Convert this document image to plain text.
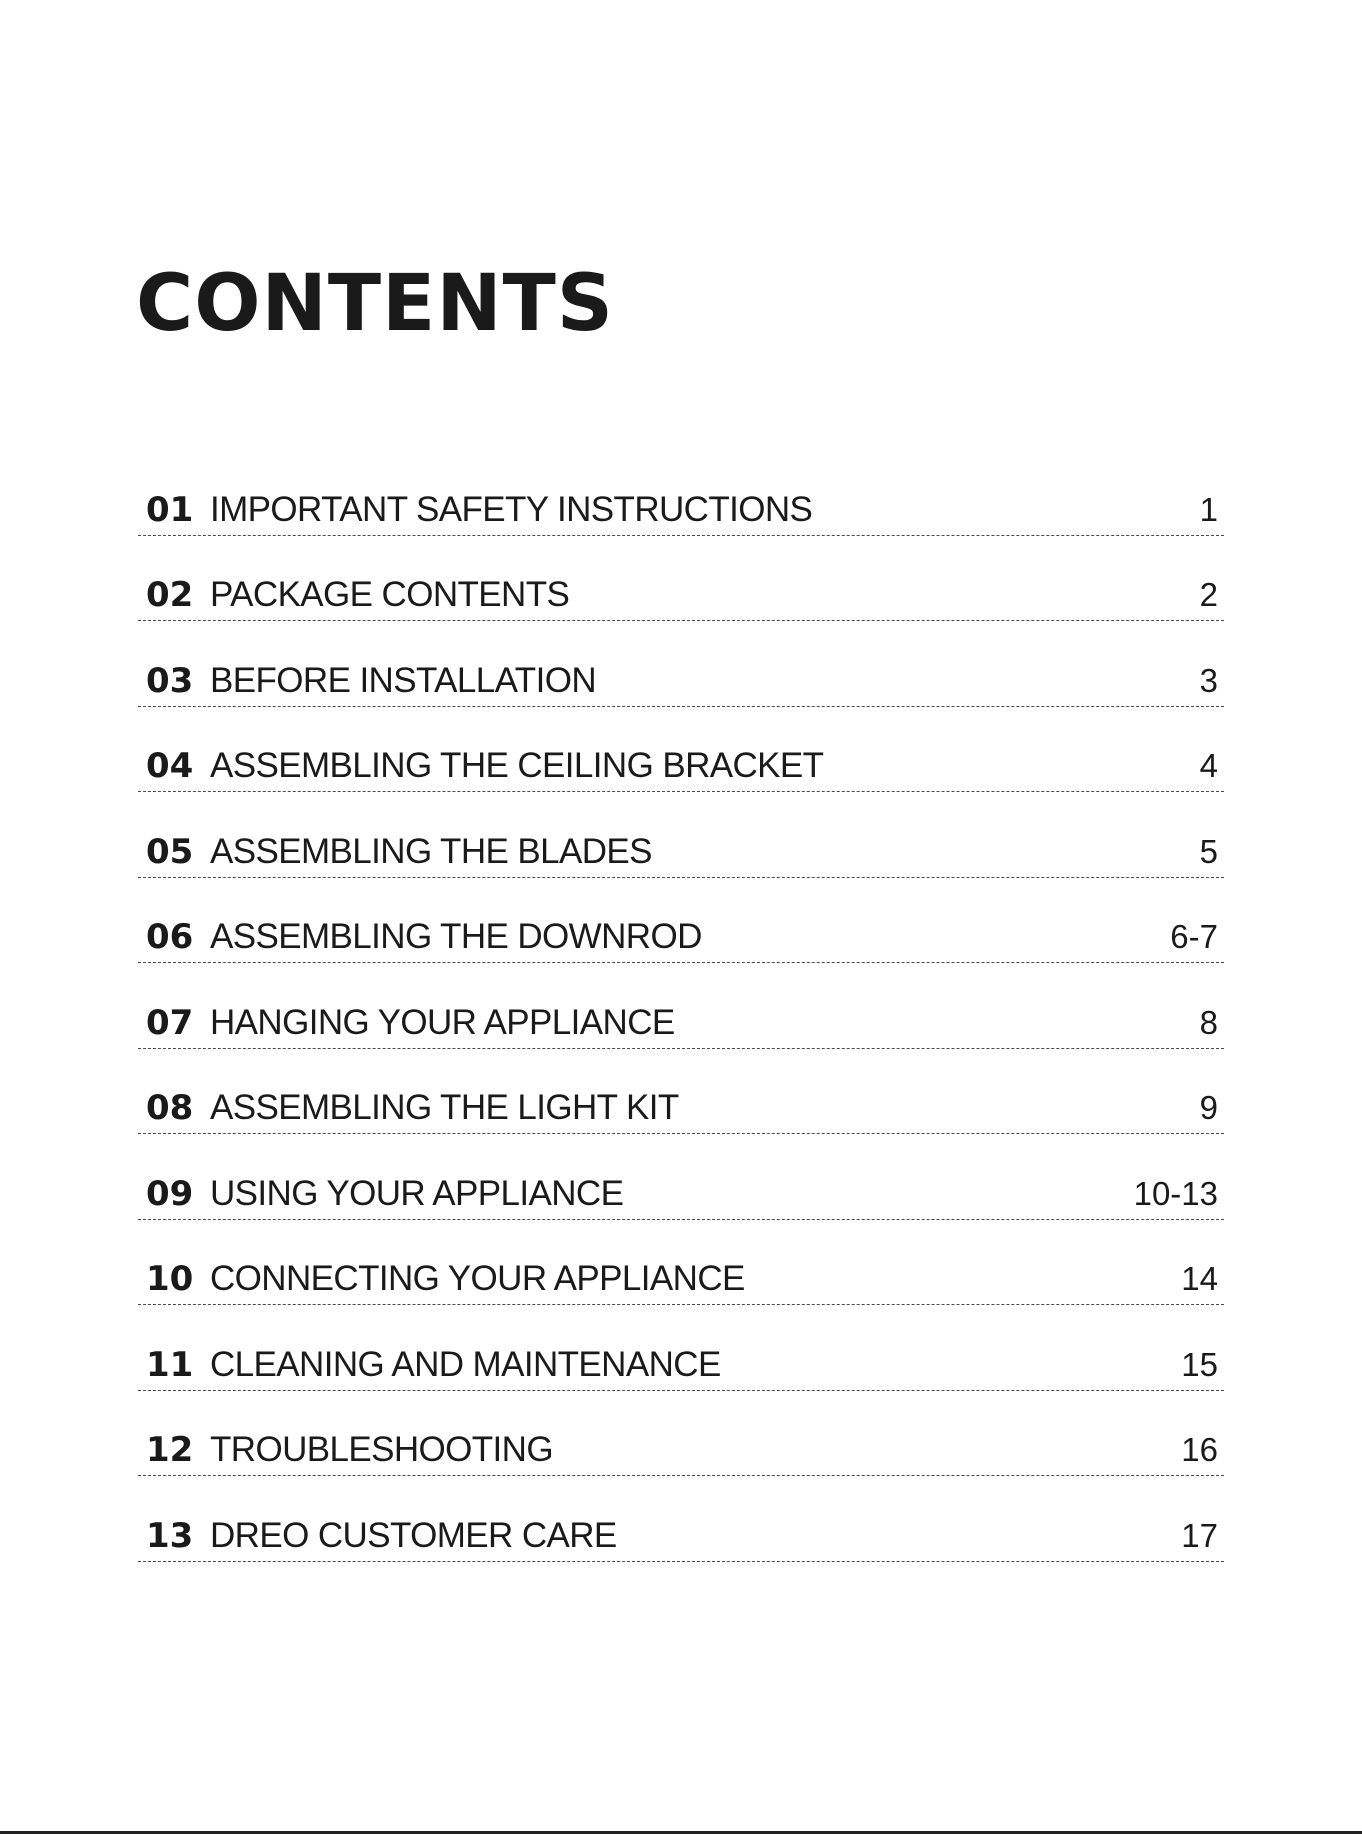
CONTENTS
01 IMPORTANT SAFETY INSTRUCTIONS	1
02 PACKAGE CONTENTS	2
03 BEFORE INSTALLATION	3
04 ASSEMBLING THE CEILING BRACKET	4
05 ASSEMBLING THE BLADES	5
06 ASSEMBLING THE DOWNROD	6-7
07 HANGING YOUR APPLIANCE	8
08 ASSEMBLING THE LIGHT KIT	9
09 USING YOUR APPLIANCE	10-13
10 CONNECTING YOUR APPLIANCE	14
11 CLEANING AND MAINTENANCE	15
12 TROUBLESHOOTING	16
13 DREO CUSTOMER CARE	17
